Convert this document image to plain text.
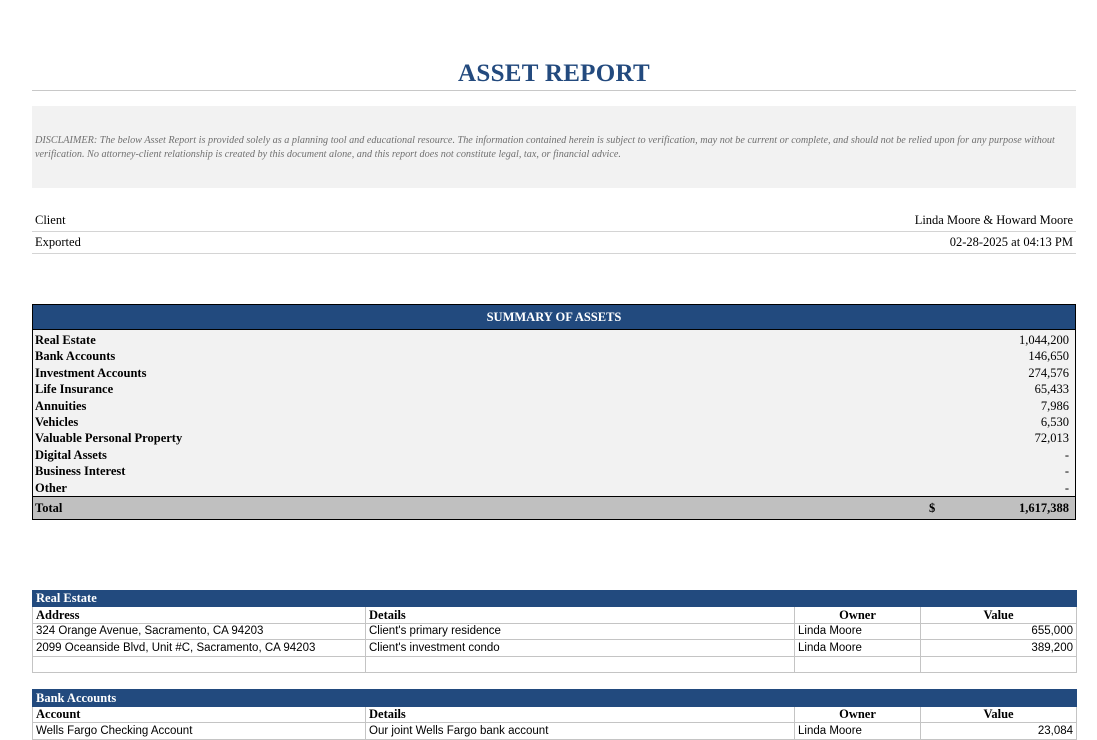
ASSET REPORT
DISCLAIMER: The below Asset Report is provided solely as a planning tool and educational resource. The information contained herein is subject to verification, may not be current or complete, and should not be relied upon for any purpose without verification. No attorney-client relationship is created by this document alone, and this report does not constitute legal, tax, or financial advice.
Client	Linda Moore & Howard Moore
Exported	02-28-2025 at 04:13 PM
SUMMARY OF ASSETS
Real Estate	1,044,200
Bank Accounts	146,650
Investment Accounts	274,576
Life Insurance	65,433
Annuities	7,986
Vehicles	6,530
Valuable Personal Property	72,013
Digital Assets	-
Business Interest	-
Other	-
Total	$	1,617,388
Real Estate			
Address	Details	Owner	Value
324 Orange Avenue, Sacramento, CA 94203	Client's primary residence	Linda Moore	655,000
2099 Oceanside Blvd, Unit #C, Sacramento, CA 94203	Client's investment condo	Linda Moore	389,200

Bank Accounts			
Account	Details	Owner	Value
Wells Fargo Checking Account	Our joint Wells Fargo bank account	Linda Moore	23,084
